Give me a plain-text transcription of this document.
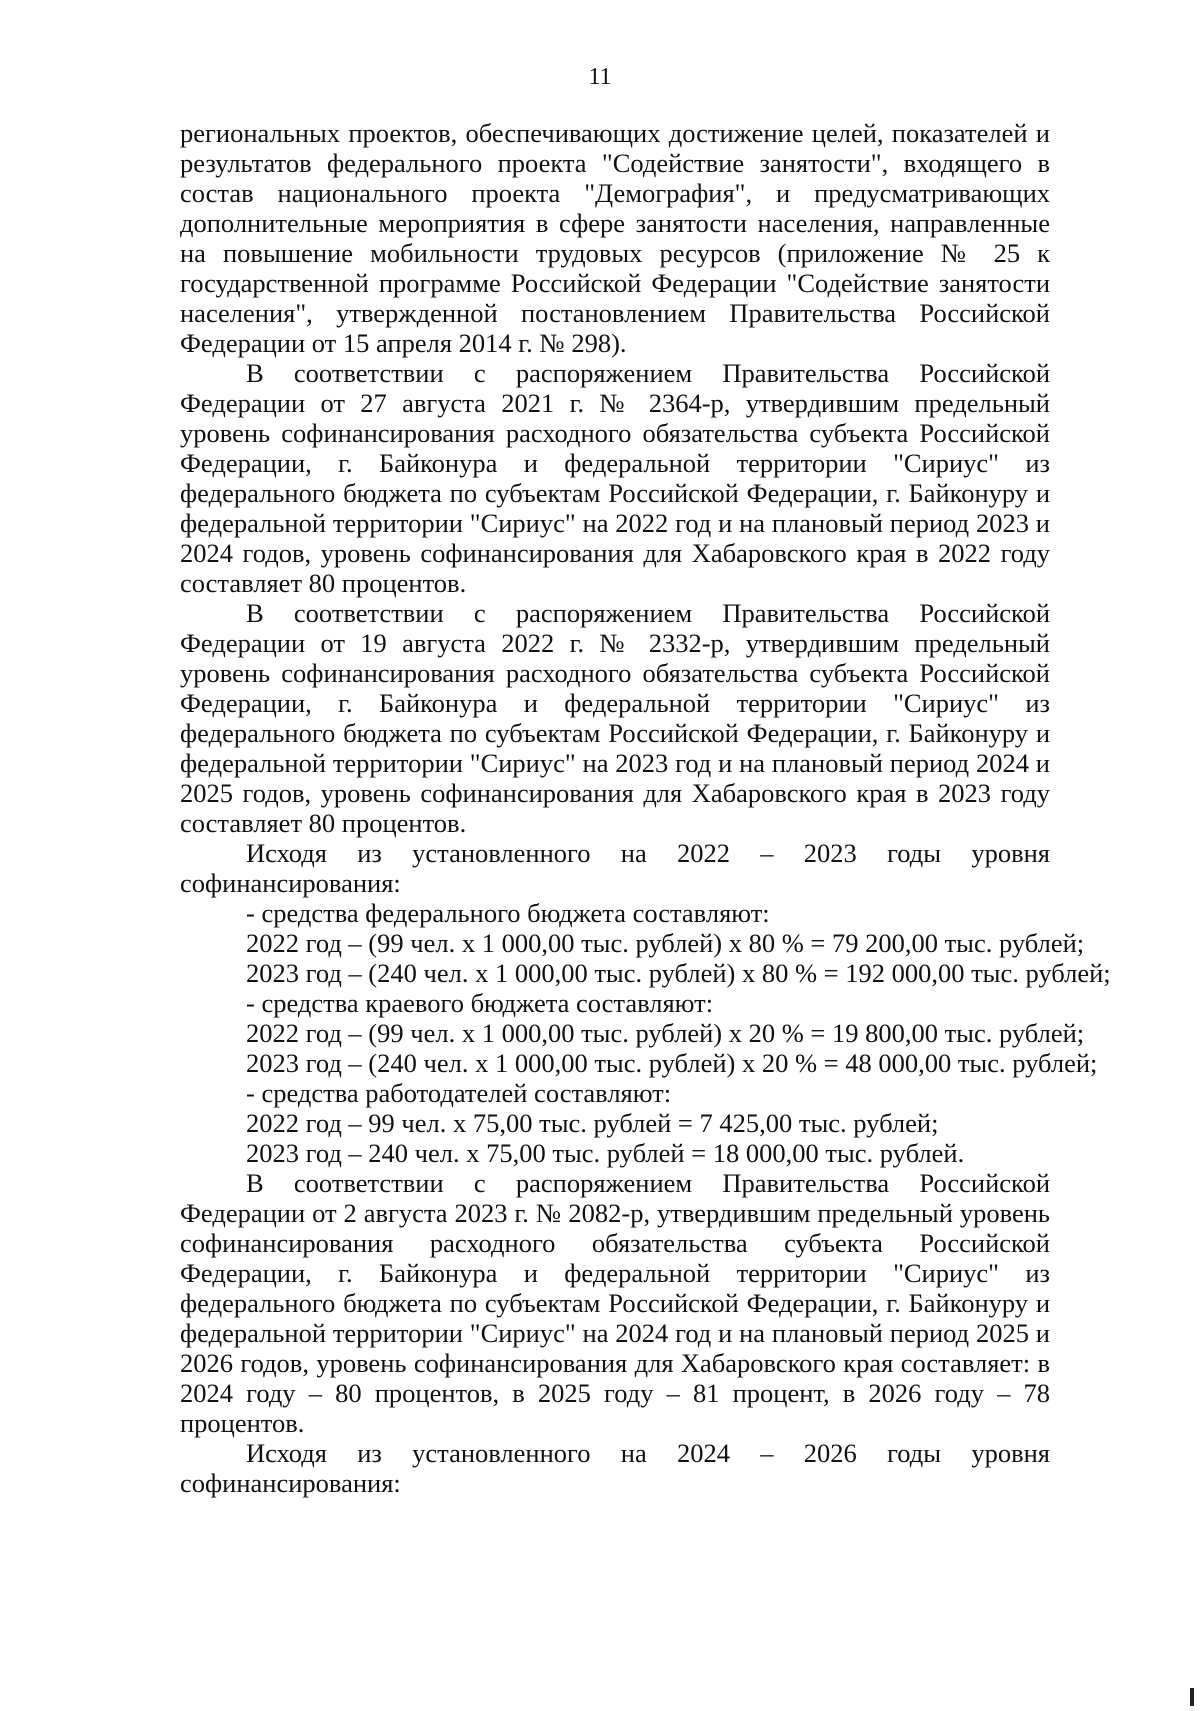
11

региональных проектов, обеспечивающих достижение целей, показателей и результатов федерального проекта "Содействие занятости", входящего в состав национального проекта "Демография", и предусматривающих дополнительные мероприятия в сфере занятости населения, направленные на повышение мобильности трудовых ресурсов (приложение № 25 к государственной программе Российской Федерации "Содействие занятости населения", утвержденной постановлением Правительства Российской Федерации от 15 апреля 2014 г. № 298).

В соответствии с распоряжением Правительства Российской Федерации от 27 августа 2021 г. № 2364-р, утвердившим предельный уровень софинансирования расходного обязательства субъекта Российской Федерации, г. Байконура и федеральной территории "Сириус" из федерального бюджета по субъектам Российской Федерации, г. Байконуру и федеральной территории "Сириус" на 2022 год и на плановый период 2023 и 2024 годов, уровень софинансирования для Хабаровского края в 2022 году составляет 80 процентов.

В соответствии с распоряжением Правительства Российской Федерации от 19 августа 2022 г. № 2332-р, утвердившим предельный уровень софинансирования расходного обязательства субъекта Российской Федерации, г. Байконура и федеральной территории "Сириус" из федерального бюджета по субъектам Российской Федерации, г. Байконуру и федеральной территории "Сириус" на 2023 год и на плановый период 2024 и 2025 годов, уровень софинансирования для Хабаровского края в 2023 году составляет 80 процентов.

Исходя из установленного на 2022 – 2023 годы уровня софинансирования:

- средства федерального бюджета составляют:

2022 год – (99 чел. х 1 000,00 тыс. рублей) х 80 % = 79 200,00 тыс. рублей;

2023 год – (240 чел. х 1 000,00 тыс. рублей) х 80 % = 192 000,00 тыс. рублей;

- средства краевого бюджета составляют:

2022 год – (99 чел. х 1 000,00 тыс. рублей) х 20 % = 19 800,00 тыс. рублей;

2023 год – (240 чел. х 1 000,00 тыс. рублей) х 20 % = 48 000,00 тыс. рублей;

- средства работодателей составляют:

2022 год – 99 чел. х 75,00 тыс. рублей = 7 425,00 тыс. рублей;

2023 год – 240 чел. х 75,00 тыс. рублей = 18 000,00 тыс. рублей.

В соответствии с распоряжением Правительства Российской Федерации от 2 августа 2023 г. № 2082-р, утвердившим предельный уровень софинансирования расходного обязательства субъекта Российской Федерации, г. Байконура и федеральной территории "Сириус" из федерального бюджета по субъектам Российской Федерации, г. Байконуру и федеральной территории "Сириус" на 2024 год и на плановый период 2025 и 2026 годов, уровень софинансирования для Хабаровского края составляет: в 2024 году – 80 процентов, в 2025 году – 81 процент, в 2026 году – 78 процентов.

Исходя из установленного на 2024 – 2026 годы уровня софинансирования:
